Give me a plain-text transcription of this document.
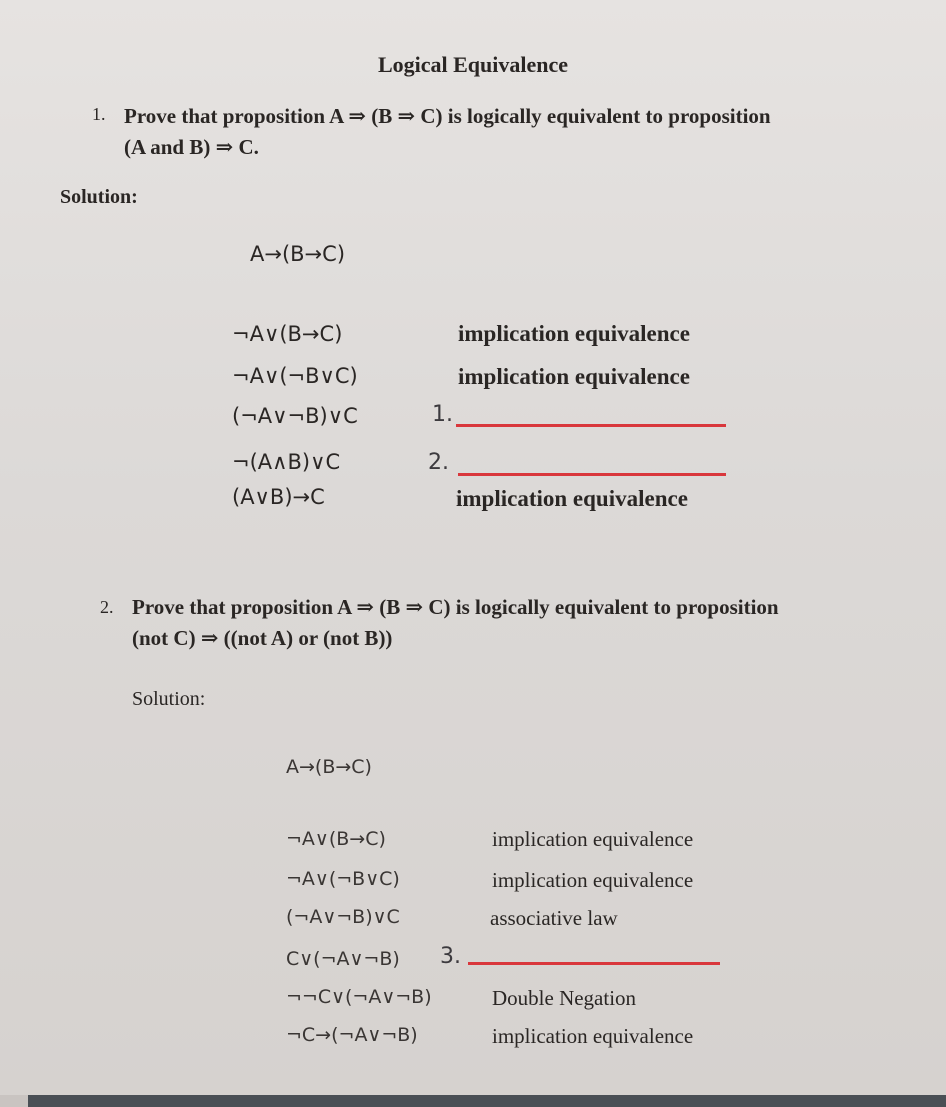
Logical Equivalence
1. Prove that proposition A ⇒ (B ⇒ C) is logically equivalent to proposition
(A and B) ⇒ C.
Solution:
A→(B→C)
¬A∨(B→C)	implication equivalence
¬A∨(¬B∨C)	implication equivalence
(¬A∨¬B)∨C	1.
¬(A∧B)∨C	2.
(A∨B)→C	implication equivalence
2. Prove that proposition A ⇒ (B ⇒ C) is logically equivalent to proposition
(not C) ⇒ ((not A) or (not B))
Solution:
A→(B→C)
¬A∨(B→C)	implication equivalence
¬A∨(¬B∨C)	implication equivalence
(¬A∨¬B)∨C	associative law
C∨(¬A∨¬B) 3.
¬¬C∨(¬A∨¬B)	Double Negation
¬C→(¬A∨¬B)	implication equivalence
